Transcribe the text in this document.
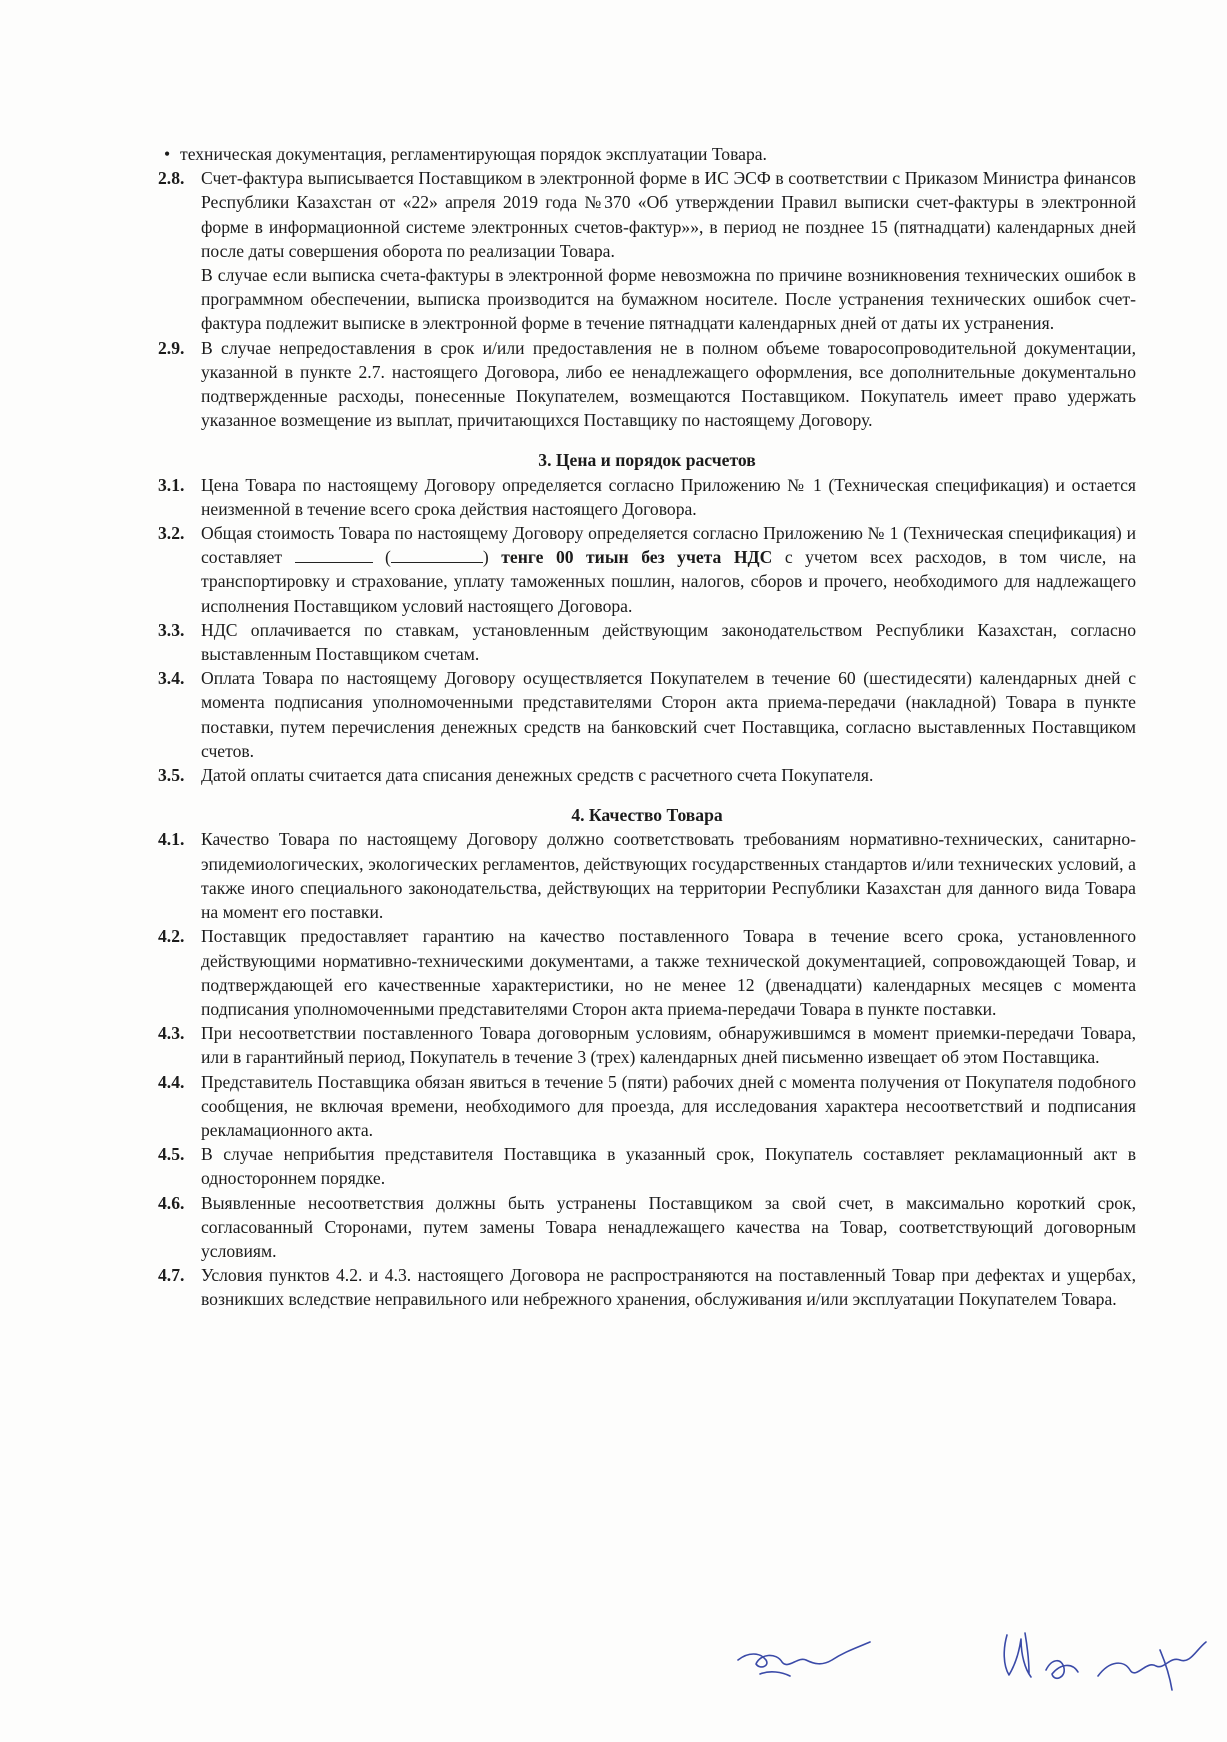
• техническая документация, регламентирующая порядок эксплуатации Товара.
2.8. Счет-фактура выписывается Поставщиком в электронной форме в ИС ЭСФ в соответствии с Приказом Министра финансов Республики Казахстан от «22» апреля 2019 года №370 «Об утверждении Правил выписки счет-фактуры в электронной форме в информационной системе электронных счетов-фактур»», в период не позднее 15 (пятнадцати) календарных дней после даты совершения оборота по реализации Товара.

В случае если выписка счета-фактуры в электронной форме невозможна по причине возникновения технических ошибок в программном обеспечении, выписка производится на бумажном носителе. После устранения технических ошибок счет-фактура подлежит выписке в электронной форме в течение пятнадцати календарных дней от даты их устранения.

2.9. В случае непредоставления в срок и/или предоставления не в полном объеме товаросопроводительной документации, указанной в пункте 2.7. настоящего Договора, либо ее ненадлежащего оформления, все дополнительные документально подтвержденные расходы, понесенные Покупателем, возмещаются Поставщиком. Покупатель имеет право удержать указанное возмещение из выплат, причитающихся Поставщику по настоящему Договору.

3. Цена и порядок расчетов
3.1. Цена Товара по настоящему Договору определяется согласно Приложению № 1 (Техническая спецификация) и остается неизменной в течение всего срока действия настоящего Договора.

3.2. Общая стоимость Товара по настоящему Договору определяется согласно Приложению № 1 (Техническая спецификация) и составляет	(	) тенге 00 тиын без учета НДС с учетом всех расходов, в том числе, на транспортировку и страхование, уплату таможенных пошлин, налогов, сборов и прочего, необходимого для надлежащего исполнения Поставщиком условий настоящего Договора.

3.3. НДС оплачивается по ставкам, установленным действующим законодательством Республики Казахстан, согласно выставленным Поставщиком счетам.

3.4. Оплата Товара по настоящему Договору осуществляется Покупателем в течение 60 (шестидесяти) календарных дней с момента подписания уполномоченными представителями Сторон акта приема-передачи (накладной) Товара в пункте поставки, путем перечисления денежных средств на банковский счет Поставщика, согласно выставленных Поставщиком счетов.

3.5. Датой оплаты считается дата списания денежных средств с расчетного счета Покупателя.

4. Качество Товара
4.1. Качество Товара по настоящему Договору должно соответствовать требованиям нормативно-технических, санитарно-эпидемиологических, экологических регламентов, действующих государственных стандартов и/или технических условий, а также иного специального законодательства, действующих на территории Республики Казахстан для данного вида Товара на момент его поставки.

4.2. Поставщик предоставляет гарантию на качество поставленного Товара в течение всего срока, установленного действующими нормативно-техническими документами, а также технической документацией, сопровождающей Товар, и подтверждающей его качественные характеристики, но не менее 12 (двенадцати) календарных месяцев с момента подписания уполномоченными представителями Сторон акта приема-передачи Товара в пункте поставки.

4.3. При несоответствии поставленного Товара договорным условиям, обнаружившимся в момент приемки-передачи Товара, или в гарантийный период, Покупатель в течение 3 (трех) календарных дней письменно извещает об этом Поставщика.

4.4. Представитель Поставщика обязан явиться в течение 5 (пяти) рабочих дней с момента получения от Покупателя подобного сообщения, не включая времени, необходимого для проезда, для исследования характера несоответствий и подписания рекламационного акта.

4.5. В случае неприбытия представителя Поставщика в указанный срок, Покупатель составляет рекламационный акт в одностороннем порядке.

4.6. Выявленные несоответствия должны быть устранены Поставщиком за свой счет, в максимально короткий срок, согласованный Сторонами, путем замены Товара ненадлежащего качества на Товар, соответствующий договорным условиям.

4.7. Условия пунктов 4.2. и 4.3. настоящего Договора не распространяются на поставленный Товар при дефектах и ущербах, возникших вследствие неправильного или небрежного хранения, обслуживания и/или эксплуатации Покупателем Товара.
